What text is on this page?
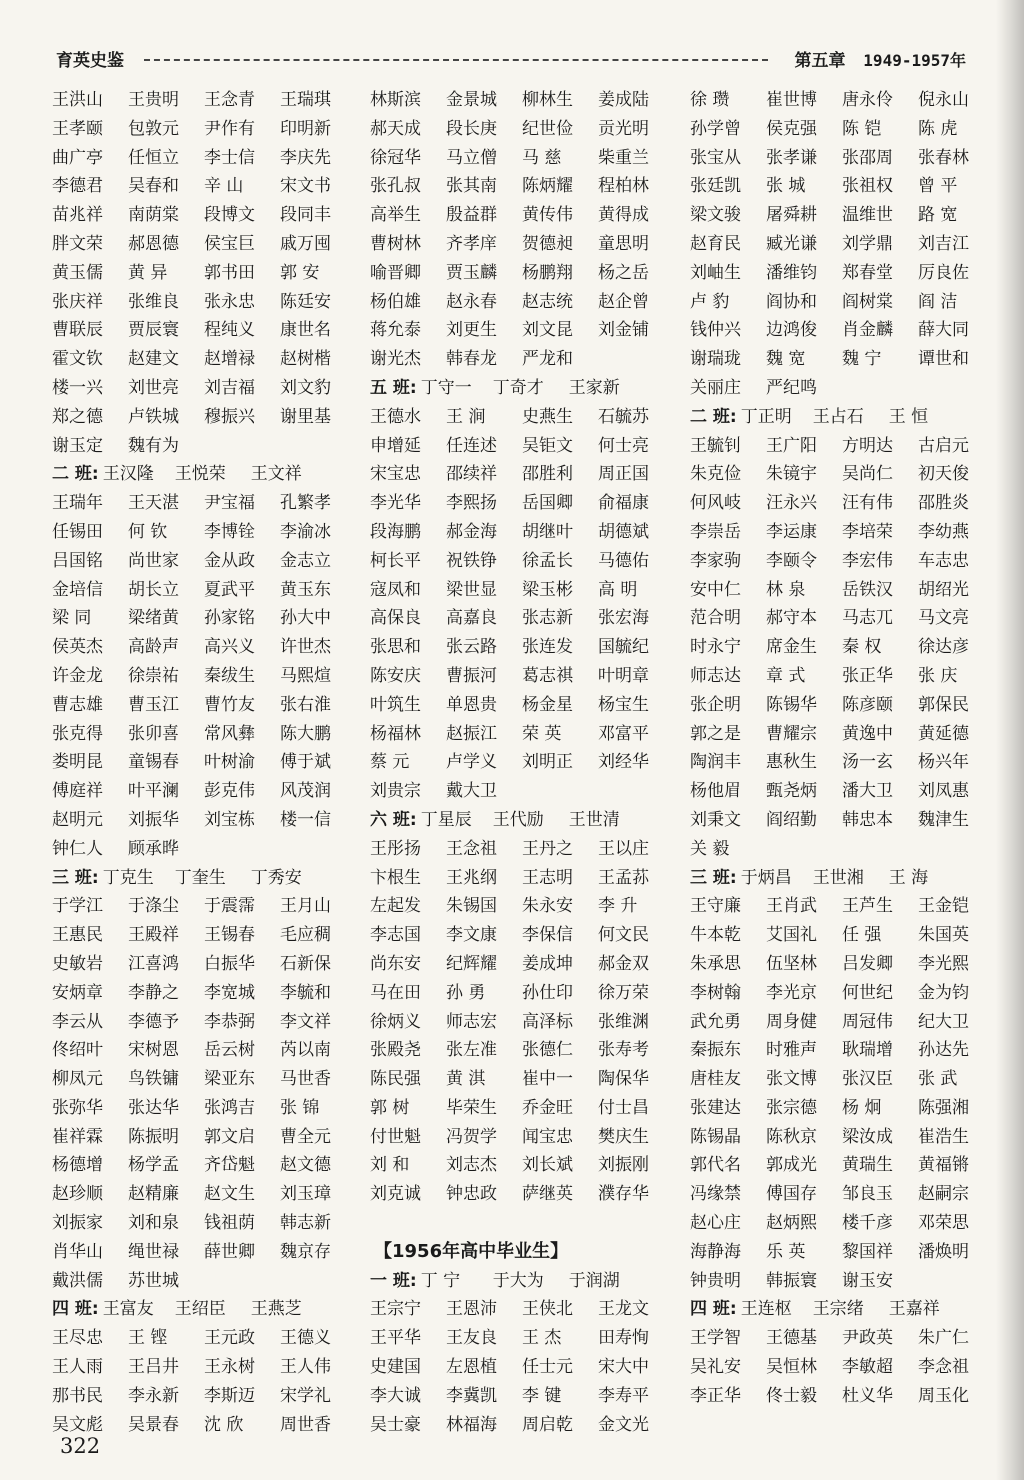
育英史鉴	第五章 1949-1957年
王洪山 王贵明 王念青 王瑞琪
王孝颐 包敦元 尹作有 印明新
曲广亭 任恒立 李士信 李庆先
李德君 吴春和 辛 山 宋文书
苗兆祥 南荫棠 段博文 段同丰
胖文荣 郝恩德 侯宝巨 戚万囤
黄玉儒 黄 异 郭书田 郭 安
张庆祥 张维良 张永忠 陈廷安
曹联辰 贾辰寰 程纯义 康世名
霍文钦 赵建文 赵增禄 赵树楷
楼一兴 刘世亮 刘吉福 刘文豹
郑之德 卢铁城 穆振兴 谢里基
谢玉定 魏有为
二 班: 王汉隆 王悦荣 王文祥
王瑞年 王天湛 尹宝福 孔繁孝
任锡田 何 钦 李博铨 李渝冰
吕国铭 尚世家 金从政 金志立
金培信 胡长立 夏武平 黄玉东
梁 同 梁绪黄 孙家铭 孙大中
侯英杰 高龄声 高兴义 许世杰
许金龙 徐崇祐 秦绂生 马熙煊
曹志雄 曹玉江 曹竹友 张右淮
张克得 张卯喜 常风彝 陈大鹏
娄明昆 童锡春 叶树渝 傅于斌
傅庭祥 叶平澜 彭克伟 风茂润
赵明元 刘振华 刘宝栋 楼一信
钟仁人 顾承晔
三 班: 丁克生 丁奎生 丁秀安
于学江 于涤尘 于震霈 王月山
王惠民 王殿祥 王锡春 毛应稠
史敏岩 江喜鸿 白振华 石新保
安炳章 李静之 李宽城 李毓和
李云从 李德予 李恭弼 李文祥
佟绍叶 宋树恩 岳云树 芮以南
柳凤元 鸟铁镛 梁亚东 马世香
张弥华 张达华 张鸿吉 张 锦
崔祥霖 陈振明 郭文启 曹全元
杨德增 杨学孟 齐岱魁 赵文德
赵珍顺 赵精廉 赵文生 刘玉璋
刘振家 刘和泉 钱祖荫 韩志新
肖华山 绳世禄 薛世卿 魏京存
戴洪儒 苏世城
四 班: 王富友 王绍臣 王燕芝
王尽忠 王 铿 王元政 王德义
王人雨 王吕井 王永树 王人伟
那书民 李永新 李斯迈 宋学礼
吴文彪 吴景春 沈 欣 周世香
林斯滨 金景城 柳林生 姜成陆
郝天成 段长庚 纪世俭 贡光明
徐冠华 马立僧 马 慈 柴重兰
张孔叔 张其南 陈炳耀 程柏林
高举生 殷益群 黄传伟 黄得成
曹树林 齐孝庠 贺德昶 童思明
喻晋卿 贾玉麟 杨鹏翔 杨之岳
杨伯雄 赵永春 赵志统 赵企曾
蒋允泰 刘更生 刘文昆 刘金铺
谢光杰 韩春龙 严龙和
五 班: 丁守一 丁奇才 王家新
王德水 王 涧 史燕生 石毓苏
申增延 任连述 吴钜文 何士亮
宋宝忠 邵续祥 邵胜利 周正国
李光华 李熙扬 岳国卿 俞福康
段海鹏 郝金海 胡继叶 胡德斌
柯长平 祝铁铮 徐孟长 马德佑
寇凤和 梁世显 梁玉彬 高 明
高保良 高嘉良 张志新 张宏海
张思和 张云路 张连发 国毓纪
陈安庆 曹振河 葛志祺 叶明章
叶筑生 单恩贵 杨金星 杨宝生
杨福林 赵振江 荣 英 邓富平
蔡 元 卢学义 刘明正 刘经华
刘贵宗 戴大卫
六 班: 丁星辰 王代励 王世清
王彤扬 王念祖 王丹之 王以庄
卞根生 王兆纲 王志明 王孟荪
左起发 朱锡国 朱永安 李 升
李志国 李文康 李保信 何文民
尚东安 纪辉耀 姜成坤 郝金双
马在田 孙 勇 孙仕印 徐万荣
徐炳义 师志宏 高泽标 张维渊
张殿尧 张左准 张德仁 张寿考
陈民强 黄 淇 崔中一 陶保华
郭 树 毕荣生 乔金旺 付士昌
付世魁 冯贺学 闻宝忠 樊庆生
刘 和 刘志杰 刘长斌 刘振刚
刘克诚 钟忠政 萨继英 濮存华
【1956年高中毕业生】
一 班: 丁 宁 于大为 于润湖
王宗宁 王恩沛 王侠北 王龙文
王平华 王友良 王 杰 田寿恂
史建国 左恩植 任士元 宋大中
李大诚 李冀凯 李 键 李寿平
吴士豪 林福海 周启乾 金文光
徐 瓒 崔世博 唐永伶 倪永山
孙学曾 侯克强 陈 铠 陈 虎
张宝从 张孝谦 张邵周 张春林
张廷凯 张 城 张祖权 曾 平
梁文骏 屠舜耕 温维世 路 宽
赵育民 臧光谦 刘学鼎 刘吉江
刘岫生 潘维钧 郑春堂 厉良佐
卢 豹 阎协和 阎树棠 阎 洁
钱仲兴 边鸿俊 肖金麟 薛大同
谢瑞珑 魏 宽 魏 宁 谭世和
关丽庄 严纪鸣
二 班: 丁正明 王占石 王 恒
王毓钊 王广阳 方明达 古启元
朱克俭 朱镜宇 吴尚仁 初天俊
何风岐 汪永兴 汪有伟 邵胜炎
李崇岳 李运康 李培荣 李幼燕
李家驹 李颐令 李宏伟 车志忠
安中仁 林 泉 岳铁汉 胡绍光
范合明 郝守本 马志兀 马文亮
时永宁 席金生 秦 权 徐达彦
师志达 章 式 张正华 张 庆
张企明 陈锡华 陈彦颐 郭保民
郭之是 曹耀宗 黄逸中 黄延德
陶润丰 惠秋生 汤一玄 杨兴年
杨他眉 甄尧炳 潘大卫 刘凤惠
刘秉文 阎绍勤 韩忠本 魏津生
关 毅
三 班: 于炳昌 王世湘 王 海
王守廉 王肖武 王芦生 王金铠
牛本乾 艾国礼 任 强 朱国英
朱承思 伍坚林 吕发卿 李光熙
李树翰 李光京 何世纪 金为钧
武允勇 周身健 周冠伟 纪大卫
秦振东 时雅声 耿瑞增 孙达先
唐桂友 张文博 张汉臣 张 武
张建达 张宗德 杨 炯 陈强湘
陈锡晶 陈秋京 梁汝成 崔浩生
郭代名 郭成光 黄瑞生 黄福锵
冯缘禁 傅国存 邹良玉 赵嗣宗
赵心庄 赵炳熙 楼千彦 邓荣思
海静海 乐 英 黎国祥 潘焕明
钟贵明 韩振寰 谢玉安
四 班: 王连枢 王宗绪 王嘉祥
王学智 王德基 尹政英 朱广仁
吴礼安 吴恒林 李敏超 李念祖
李正华 佟士毅 杜义华 周玉化
322
